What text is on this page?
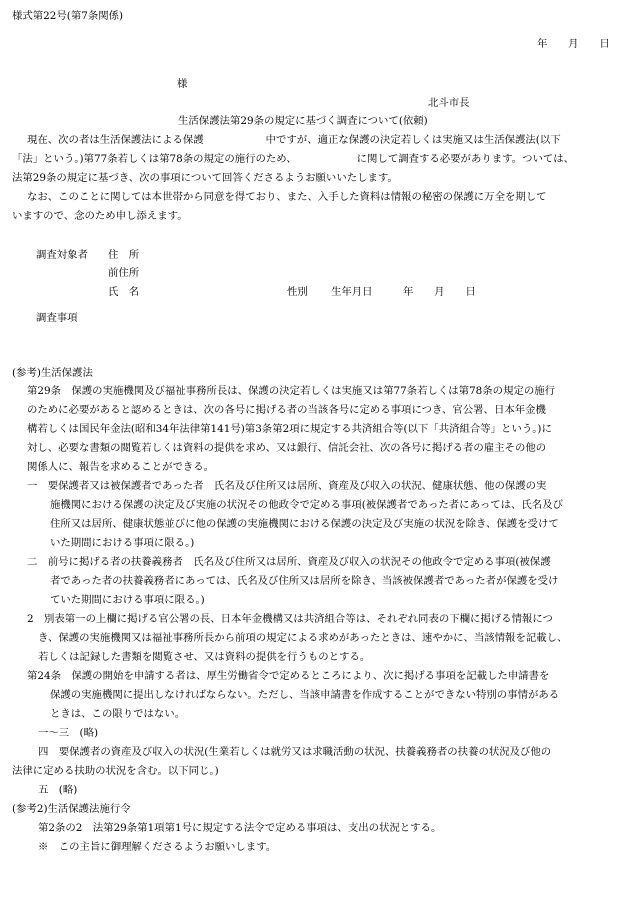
様式第22号(第7条関係)
年　　月　　日
様
北斗市長
生活保護法第29条の規定に基づく調査について(依頼)
現在、次の者は生活保護法による保護	中ですが、適正な保護の決定若しくは実施又は生活保護法(以下
「法」という。)第77条若しくは第78条の規定の施行のため、	に関して調査する必要があります。ついては、
法第29条の規定に基づき、次の事項について回答くださるようお願いいたします。
なお、このことに関しては本世帯から同意を得ており、また、入手した資料は情報の秘密の保護に万全を期して
いますので、念のため申し添えます。
調査対象者 住　所
前住所
氏　名	性別 生年月日	年　　月　　日
調査事項
(参考)生活保護法
第29条　保護の実施機関及び福祉事務所長は、保護の決定若しくは実施又は第77条若しくは第78条の規定の施行
のために必要があると認めるときは、次の各号に掲げる者の当該各号に定める事項につき、官公署、日本年金機
構若しくは国民年金法(昭和34年法律第141号)第3条第2項に規定する共済組合等(以下「共済組合等」という。)に
対し、必要な書類の閲覧若しくは資料の提供を求め、又は銀行、信託会社、次の各号に掲げる者の雇主その他の
関係人に、報告を求めることができる。
一　要保護者又は被保護者であった者　氏名及び住所又は居所、資産及び収入の状況、健康状態、他の保護の実
施機関における保護の決定及び実施の状況その他政令で定める事項(被保護者であった者にあっては、氏名及び
住所又は居所、健康状態並びに他の保護の実施機関における保護の決定及び実施の状況を除き、保護を受けて
いた期間における事項に限る。)
二　前号に掲げる者の扶養義務者　氏名及び住所又は居所、資産及び収入の状況その他政令で定める事項(被保護
者であった者の扶養義務者にあっては、氏名及び住所又は居所を除き、当該被保護者であった者が保護を受け
ていた期間における事項に限る。)
2　別表第一の上欄に掲げる官公署の長、日本年金機構又は共済組合等は、それぞれ同表の下欄に掲げる情報につ
き、保護の実施機関又は福祉事務所長から前項の規定による求めがあったときは、速やかに、当該情報を記載し、
若しくは記録した書類を閲覧させ、又は資料の提供を行うものとする。
第24条　保護の開始を申請する者は、厚生労働省令で定めるところにより、次に掲げる事項を記載した申請書を
保護の実施機関に提出しなければならない。ただし、当該申請書を作成することができない特別の事情がある
ときは、この限りではない。
一～三　(略)
四　要保護者の資産及び収入の状況(生業若しくは就労又は求職活動の状況、扶養義務者の扶養の状況及び他の
法律に定める扶助の状況を含む。以下同じ。)
五　(略)
(参考2)生活保護法施行令
第2条の2　法第29条第1項第1号に規定する法令で定める事項は、支出の状況とする。
※　この主旨に御理解くださるようお願いします。
